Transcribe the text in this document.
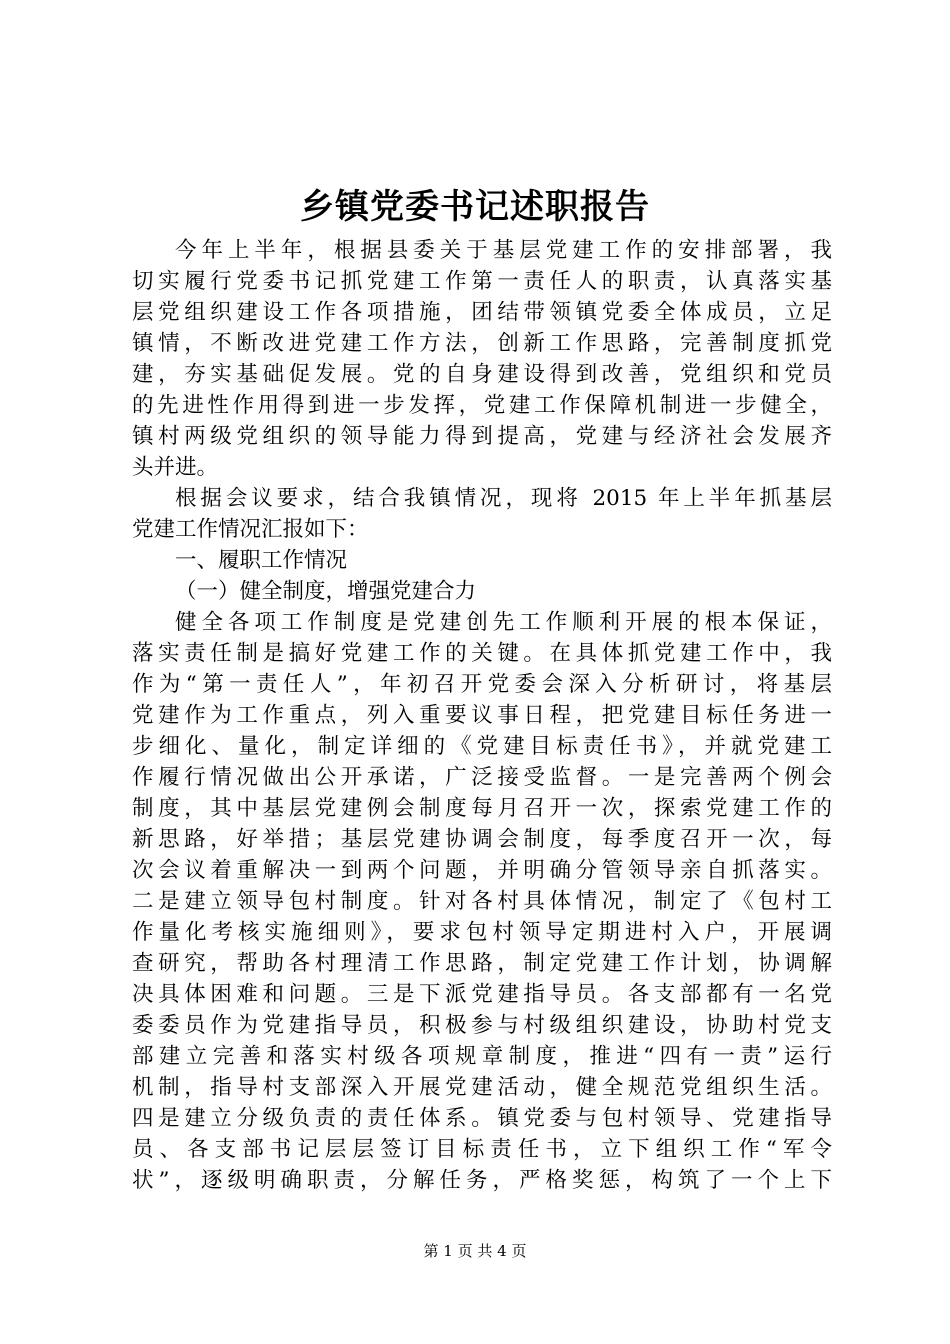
乡镇党委书记述职报告
今年上半年，根据县委关于基层党建工作的安排部署，我
切实履行党委书记抓党建工作第一责任人的职责，认真落实基
层党组织建设工作各项措施，团结带领镇党委全体成员，立足
镇情，不断改进党建工作方法，创新工作思路，完善制度抓党
建，夯实基础促发展。党的自身建设得到改善，党组织和党员
的先进性作用得到进一步发挥，党建工作保障机制进一步健全，
镇村两级党组织的领导能力得到提高，党建与经济社会发展齐
头并进。
根据会议要求，结合我镇情况，现将 2015 年上半年抓基层
党建工作情况汇报如下：
一、履职工作情况
（一）健全制度，增强党建合力
健全各项工作制度是党建创先工作顺利开展的根本保证，
落实责任制是搞好党建工作的关键。在具体抓党建工作中，我
作为“第一责任人”，年初召开党委会深入分析研讨，将基层
党建作为工作重点，列入重要议事日程，把党建目标任务进一
步细化、量化，制定详细的《党建目标责任书》，并就党建工
作履行情况做出公开承诺，广泛接受监督。一是完善两个例会
制度，其中基层党建例会制度每月召开一次，探索党建工作的
新思路，好举措；基层党建协调会制度，每季度召开一次，每
次会议着重解决一到两个问题，并明确分管领导亲自抓落实。
二是建立领导包村制度。针对各村具体情况，制定了《包村工
作量化考核实施细则》，要求包村领导定期进村入户，开展调
查研究，帮助各村理清工作思路，制定党建工作计划，协调解
决具体困难和问题。三是下派党建指导员。各支部都有一名党
委委员作为党建指导员，积极参与村级组织建设，协助村党支
部建立完善和落实村级各项规章制度，推进“四有一责”运行
机制，指导村支部深入开展党建活动，健全规范党组织生活。
四是建立分级负责的责任体系。镇党委与包村领导、党建指导
员、各支部书记层层签订目标责任书，立下组织工作“军令
状”，逐级明确职责，分解任务，严格奖惩，构筑了一个上下
第 1 页 共 4 页
